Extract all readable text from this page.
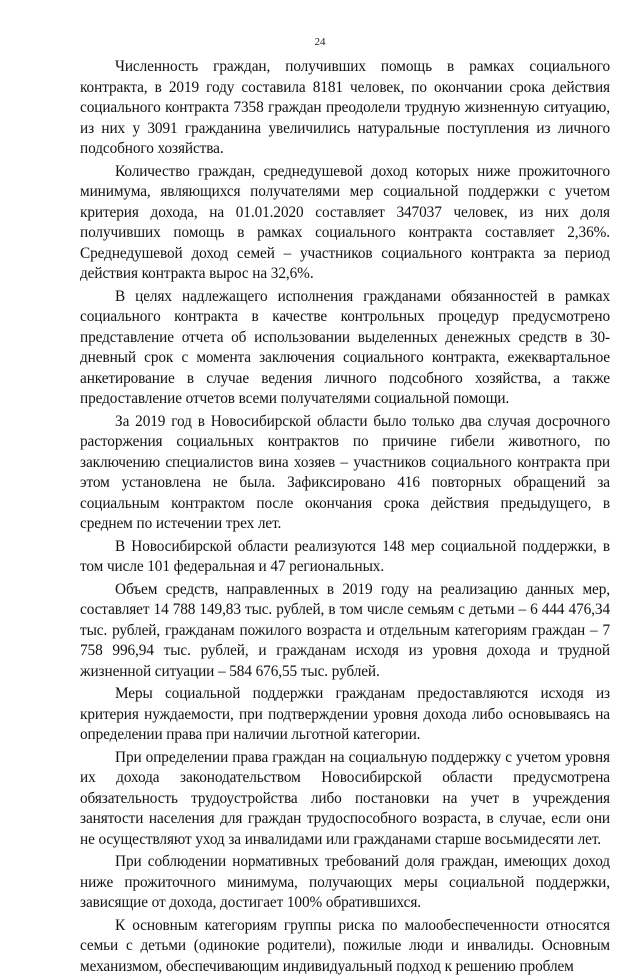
24

Численность граждан, получивших помощь в рамках социального контракта, в 2019 году составила 8181 человек, по окончании срока действия социального контракта 7358 граждан преодолели трудную жизненную ситуацию, из них у 3091 гражданина увеличились натуральные поступления из личного подсобного хозяйства.

Количество граждан, среднедушевой доход которых ниже прожиточного минимума, являющихся получателями мер социальной поддержки с учетом критерия дохода, на 01.01.2020 составляет 347037 человек, из них доля получивших помощь в рамках социального контракта составляет 2,36%. Среднедушевой доход семей – участников социального контракта за период действия контракта вырос на 32,6%.

В целях надлежащего исполнения гражданами обязанностей в рамках социального контракта в качестве контрольных процедур предусмотрено представление отчета об использовании выделенных денежных средств в 30-дневный срок с момента заключения социального контракта, ежеквартальное анкетирование в случае ведения личного подсобного хозяйства, а также предоставление отчетов всеми получателями социальной помощи.

За 2019 год в Новосибирской области было только два случая досрочного расторжения социальных контрактов по причине гибели животного, по заключению специалистов вина хозяев – участников социального контракта при этом установлена не была. Зафиксировано 416 повторных обращений за социальным контрактом после окончания срока действия предыдущего, в среднем по истечении трех лет.

В Новосибирской области реализуются 148 мер социальной поддержки, в том числе 101 федеральная и 47 региональных.

Объем средств, направленных в 2019 году на реализацию данных мер, составляет 14 788 149,83 тыс. рублей, в том числе семьям с детьми – 6 444 476,34 тыс. рублей, гражданам пожилого возраста и отдельным категориям граждан – 7 758 996,94 тыс. рублей, и гражданам исходя из уровня дохода и трудной жизненной ситуации – 584 676,55 тыс. рублей.

Меры социальной поддержки гражданам предоставляются исходя из критерия нуждаемости, при подтверждении уровня дохода либо основываясь на определении права при наличии льготной категории.

При определении права граждан на социальную поддержку с учетом уровня их дохода законодательством Новосибирской области предусмотрена обязательность трудоустройства либо постановки на учет в учреждения занятости населения для граждан трудоспособного возраста, в случае, если они не осуществляют уход за инвалидами или гражданами старше восьмидесяти лет.

При соблюдении нормативных требований доля граждан, имеющих доход ниже прожиточного минимума, получающих меры социальной поддержки, зависящие от дохода, достигает 100% обратившихся.

К основным категориям группы риска по малообеспеченности относятся семьи с детьми (одинокие родители), пожилые люди и инвалиды. Основным механизмом, обеспечивающим индивидуальный подход к решению проблем
